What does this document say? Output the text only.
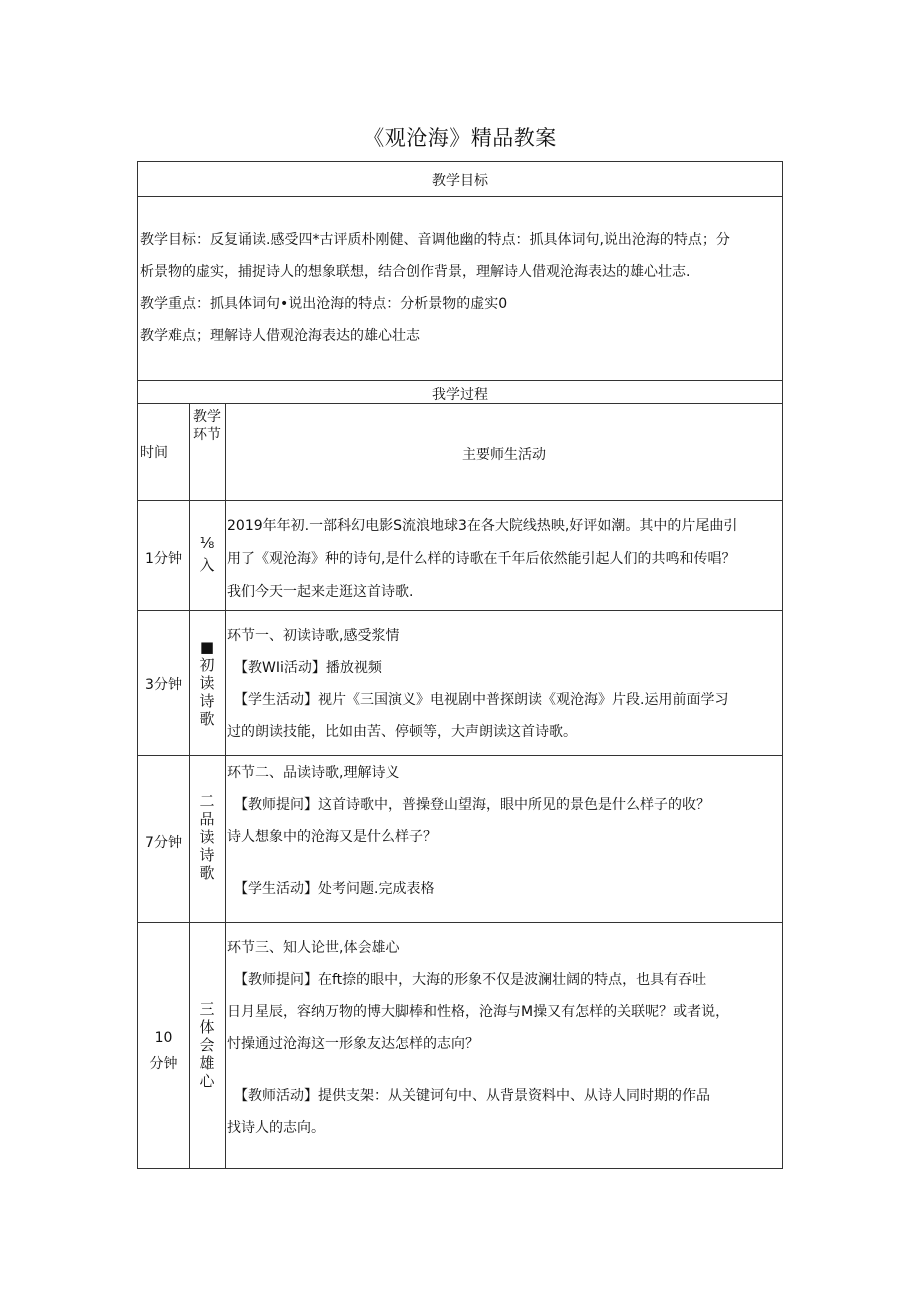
《观沧海》精品教案
教学目标
教学目标：反复诵读.感受四*古评质朴刚健、音调他幽的特点：抓具体词句,说出沧海的特点；分
析景物的虚实，捕捉诗人的想象联想，结合创作背景，理解诗人借观沧海表达的雄心壮志.
教学重点：抓具体词句•说出沧海的特点：分析景物的虚实0
教学难点；理解诗人借观沧海表达的雄心壮志
我学过程
时间
教学
环节
主要师生活动
1分钟
⅛
入
2019年年初.一部科幻电影S流浪地球3在各大院线热映,好评如潮。其中的片尾曲引
用了《观沧海》种的诗句,是什么样的诗歌在千年后依然能引起人们的共鸣和传唱？
我们今天一起来走逛这首诗歌.
3分钟
■
初
读
诗
歌
环节一、初读诗歌,感受浆情
　【教WIi活动】播放视频
　【学生活动】视片《三国演义》电视剧中普探朗读《观沧海》片段.运用前面学习
过的朗读技能，比如由苦、停顿等，大声朗读这首诗歌。
7分钟
二
品
读
诗
歌
环节二、品读诗歌,理解诗义
　【教师提问】这首诗歌中，普操登山望海，眼中所见的景色是什么样子的收？
诗人想象中的沧海又是什么样子？
　【学生活动】处考问题.完成表格
10
分钟
三
体
会
雄
心
环节三、知人论世,体会雄心
　【教师提问】在ft捺的眼中，大海的形象不仅是波澜壮阔的特点，也具有吞吐
日月星辰，容纳万物的博大脚棒和性格，沧海与M操又有怎样的关联呢？或者说，
忖操通过沧海这一形象友达怎样的志向？
　【教师活动】提供支架：从关键诃句中、从背景资料中、从诗人同时期的作品
找诗人的志向。
